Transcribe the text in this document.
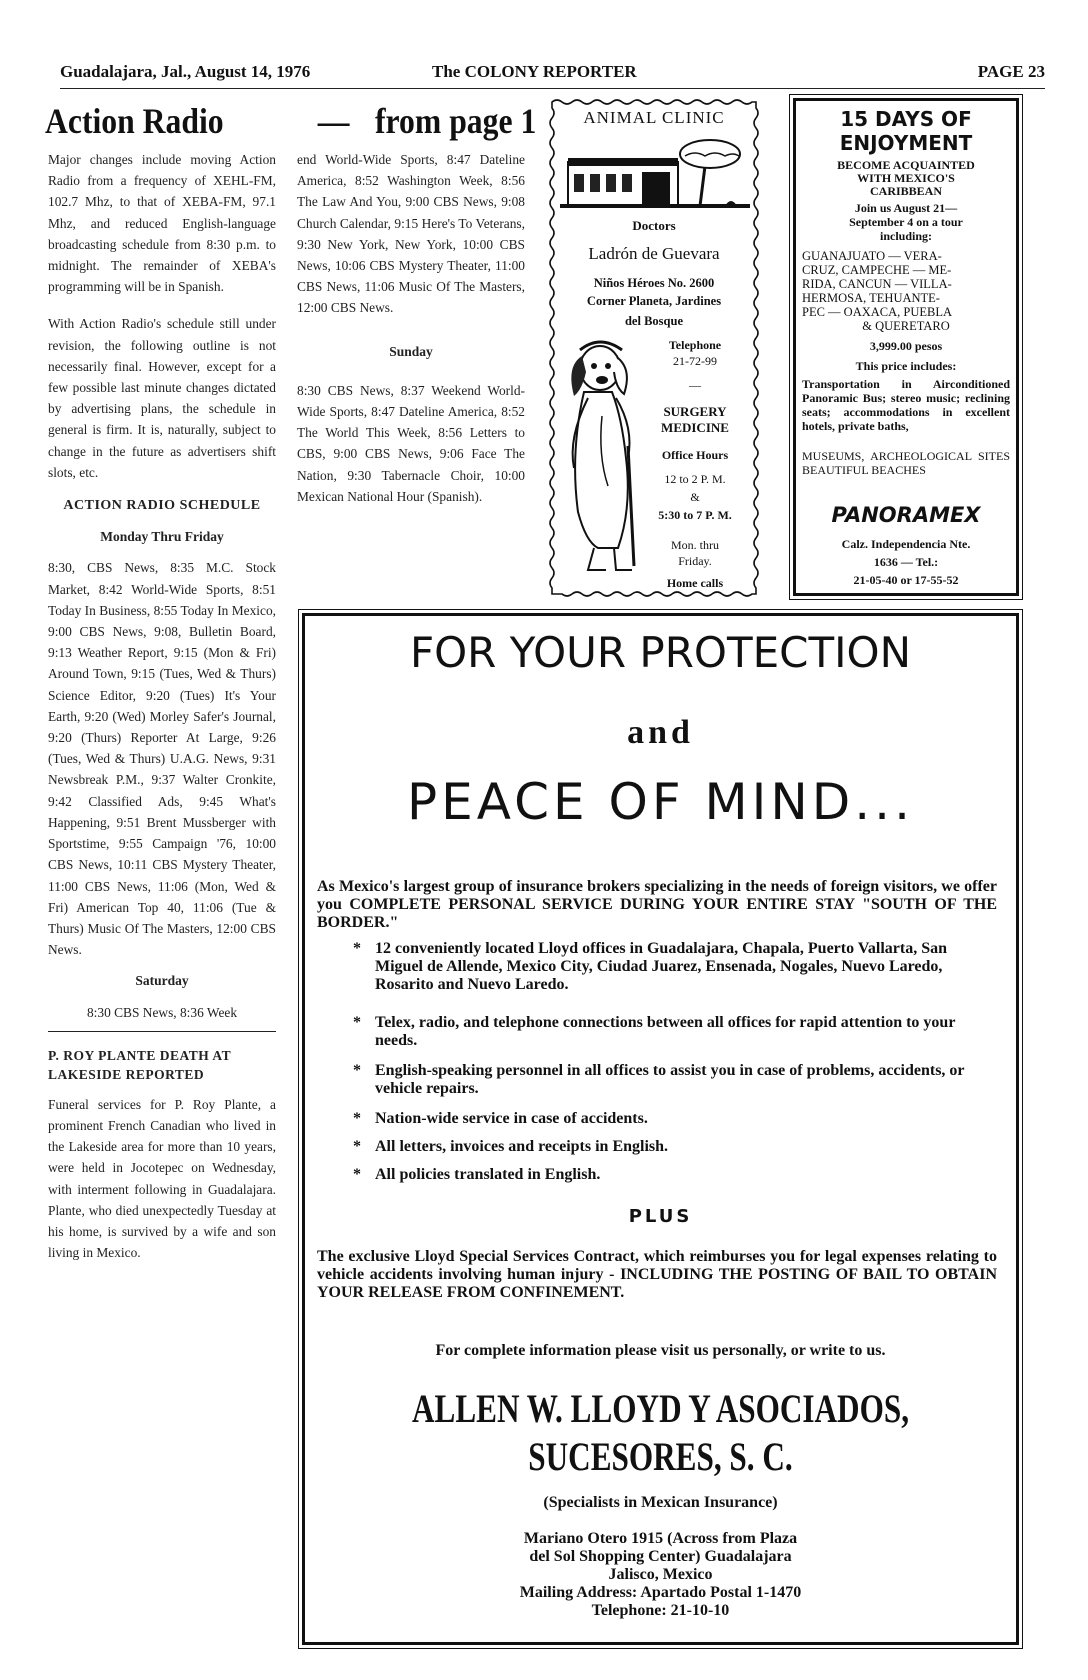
Guadalajara, Jal., August 14, 1976	The COLONY REPORTER	PAGE 23
Action Radio	— from page 1

Major changes include moving Action Radio from a frequency of XEHL-FM, 102.7 Mhz, to that of XEBA-FM, 97.1 Mhz, and reduced English-language broadcasting schedule from 8:30 p.m. to midnight. The remainder of XEBA's programming will be in Spanish.

With Action Radio's schedule still under revision, the following outline is not necessarily final. However, except for a few possible last minute changes dictated by advertising plans, the schedule in general is firm. It is, naturally, subject to change in the future as advertisers shift slots, etc.

ACTION RADIO SCHEDULE

Monday Thru Friday

8:30, CBS News, 8:35 M.C. Stock Market, 8:42 World-Wide Sports, 8:51 Today In Business, 8:55 Today In Mexico, 9:00 CBS News, 9:08, Bulletin Board, 9:13 Weather Report, 9:15 (Mon & Fri) Around Town, 9:15 (Tues, Wed & Thurs) Science Editor, 9:20 (Tues) It's Your Earth, 9:20 (Wed) Morley Safer's Journal, 9:20 (Thurs) Reporter At Large, 9:26 (Tues, Wed & Thurs) U.A.G. News, 9:31 Newsbreak P.M., 9:37 Walter Cronkite, 9:42 Classified Ads, 9:45 What's Happening, 9:51 Brent Mussberger with Sportstime, 9:55 Campaign '76, 10:00 CBS News, 10:11 CBS Mystery Theater, 11:00 CBS News, 11:06 (Mon, Wed & Fri) American Top 40, 11:06 (Tue & Thurs) Music Of The Masters, 12:00 CBS News.

Saturday

8:30 CBS News, 8:36 Week

P. ROY PLANTE DEATH AT LAKESIDE REPORTED

Funeral services for P. Roy Plante, a prominent French Canadian who lived in the Lakeside area for more than 10 years, were held in Jocotepec on Wednesday, with interment following in Guadalajara. Plante, who died unexpectedly Tuesday at his home, is survived by a wife and son living in Mexico.

end World-Wide Sports, 8:47 Dateline America, 8:52 Washington Week, 8:56 The Law And You, 9:00 CBS News, 9:08 Church Calendar, 9:15 Here's To Veterans, 9:30 New York, New York, 10:00 CBS News, 10:06 CBS Mystery Theater, 11:00 CBS News, 11:06 Music Of The Masters, 12:00 CBS News.

Sunday

8:30 CBS News, 8:37 Weekend World-Wide Sports, 8:47 Dateline America, 8:52 The World This Week, 8:56 Letters to CBS, 9:00 CBS News, 9:06 Face The Nation, 9:30 Tabernacle Choir, 10:00 Mexican National Hour (Spanish).

ANIMAL CLINIC
Doctors
Ladrón de Guevara
Niños Héroes No. 2600
Corner Planeta, Jardines
del Bosque
Telephone
21-72-99
—
SURGERY
MEDICINE
Office Hours
12 to 2 P. M.
&
5:30 to 7 P. M.
Mon. thru
Friday.
Home calls
15 DAYS OF
ENJOYMENT
BECOME ACQUAINTED
WITH MEXICO'S
CARIBBEAN
Join us August 21—
September 4 on a tour
including:
GUANAJUATO — VERA-
CRUZ, CAMPECHE — ME-
RIDA, CANCUN — VILLA-
HERMOSA, TEHUANTE-
PEC — OAXACA, PUEBLA
& QUERETARO
3,999.00 pesos
This price includes:
Transportation in Airconditioned Panoramic Bus; stereo music; reclining seats; accommodations in excellent hotels, private baths,
MUSEUMS, ARCHEOLOGICAL SITES BEAUTIFUL BEACHES
PANORAMEX
Calz. Independencia Nte.
1636 — Tel.:
21-05-40 or 17-55-52
FOR YOUR PROTECTION
and
PEACE OF MIND...
As Mexico's largest group of insurance brokers specializing in the needs of foreign visitors, we offer you COMPLETE PERSONAL SERVICE DURING YOUR ENTIRE STAY "SOUTH OF THE BORDER."
* 12 conveniently located Lloyd offices in Guadalajara, Chapala, Puerto Vallarta, San Miguel de Allende, Mexico City, Ciudad Juarez, Ensenada, Nogales, Nuevo Laredo, Rosarito and Nuevo Laredo.
* Telex, radio, and telephone connections between all offices for rapid attention to your needs.
* English-speaking personnel in all offices to assist you in case of problems, accidents, or vehicle repairs.
* Nation-wide service in case of accidents.
* All letters, invoices and receipts in English.
* All policies translated in English.
PLUS
The exclusive Lloyd Special Services Contract, which reimburses you for legal expenses relating to vehicle accidents involving human injury - INCLUDING THE POSTING OF BAIL TO OBTAIN YOUR RELEASE FROM CONFINEMENT.
For complete information please visit us personally, or write to us.
ALLEN W. LLOYD Y ASOCIADOS,
SUCESORES, S. C.
(Specialists in Mexican Insurance)
Mariano Otero 1915 (Across from Plaza
del Sol Shopping Center) Guadalajara
Jalisco, Mexico
Mailing Address: Apartado Postal 1-1470
Telephone: 21-10-10
